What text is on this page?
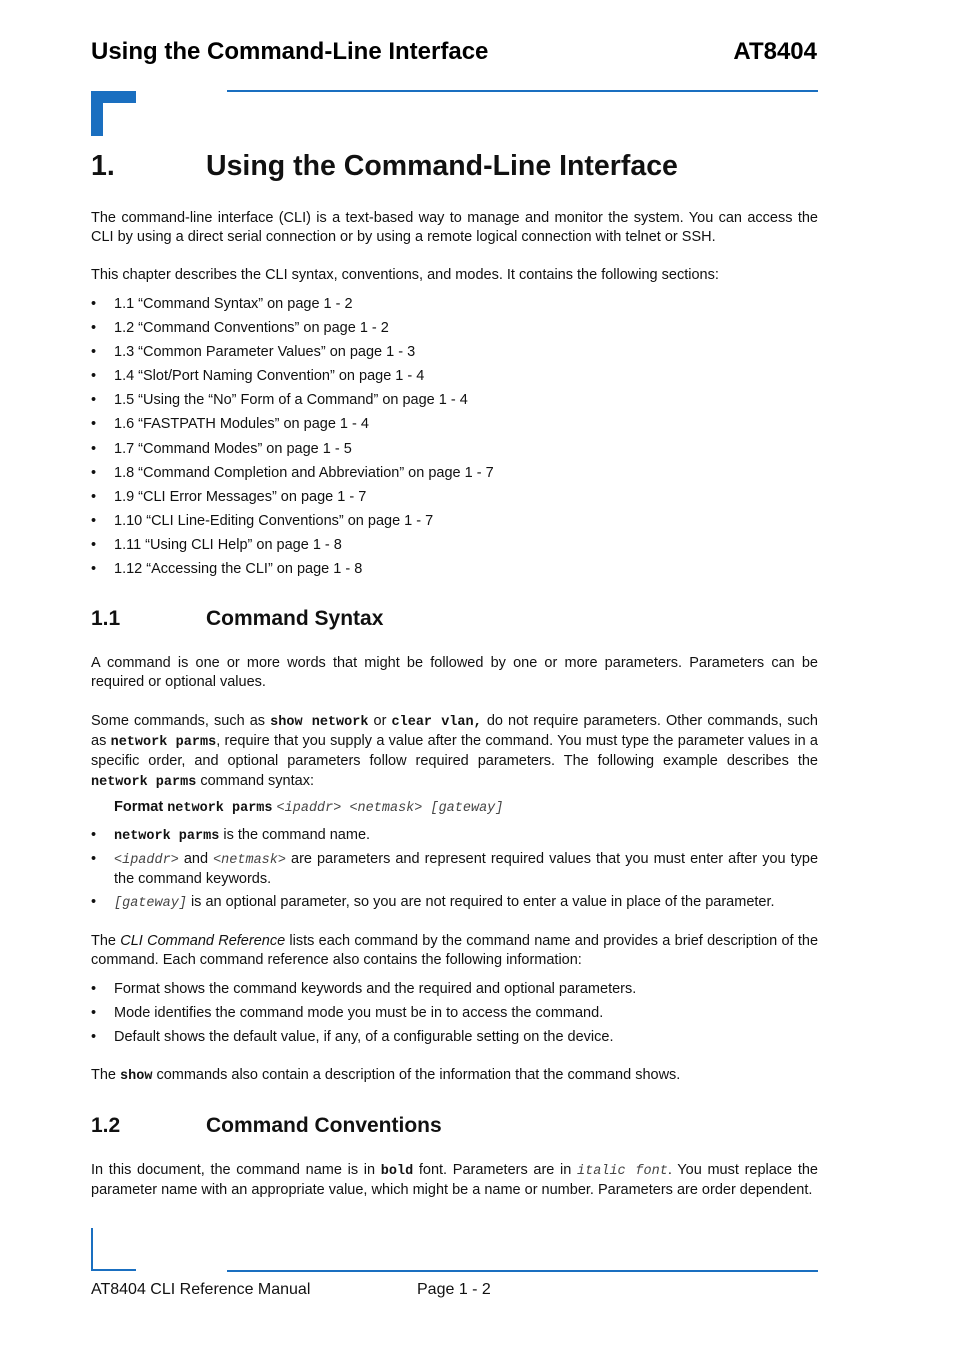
Using the Command-Line Interface	AT8404
1.	Using the Command-Line Interface
The command-line interface (CLI) is a text-based way to manage and monitor the system. You can access the CLI by using a direct serial connection or by using a remote logical connection with telnet or SSH.
This chapter describes the CLI syntax, conventions, and modes. It contains the following sections:
• 1.1 “Command Syntax” on page 1 - 2
• 1.2 “Command Conventions” on page 1 - 2
• 1.3 “Common Parameter Values” on page 1 - 3
• 1.4 “Slot/Port Naming Convention” on page 1 - 4
• 1.5 “Using the “No” Form of a Command” on page 1 - 4
• 1.6 “FASTPATH Modules” on page 1 - 4
• 1.7 “Command Modes” on page 1 - 5
• 1.8 “Command Completion and Abbreviation” on page 1 - 7
• 1.9 “CLI Error Messages” on page 1 - 7
• 1.10 “CLI Line-Editing Conventions” on page 1 - 7
• 1.11 “Using CLI Help” on page 1 - 8
• 1.12 “Accessing the CLI” on page 1 - 8
1.1	Command Syntax
A command is one or more words that might be followed by one or more parameters. Parameters can be required or optional values.
Some commands, such as show network or clear vlan, do not require parameters. Other commands, such as network parms, require that you supply a value after the command. You must type the parameter values in a specific order, and optional parameters follow required parameters. The following example describes the network parms command syntax:
Format network parms <ipaddr> <netmask> [gateway]
• network parms is the command name.
• <ipaddr> and <netmask> are parameters and represent required values that you must enter after you type the command keywords.
• [gateway] is an optional parameter, so you are not required to enter a value in place of the parameter.
The CLI Command Reference lists each command by the command name and provides a brief description of the command. Each command reference also contains the following information:
• Format shows the command keywords and the required and optional parameters.
• Mode identifies the command mode you must be in to access the command.
• Default shows the default value, if any, of a configurable setting on the device.
The show commands also contain a description of the information that the command shows.
1.2	Command Conventions
In this document, the command name is in bold font. Parameters are in italic font. You must replace the parameter name with an appropriate value, which might be a name or number. Parameters are order dependent.
AT8404 CLI Reference Manual	Page 1 - 2
